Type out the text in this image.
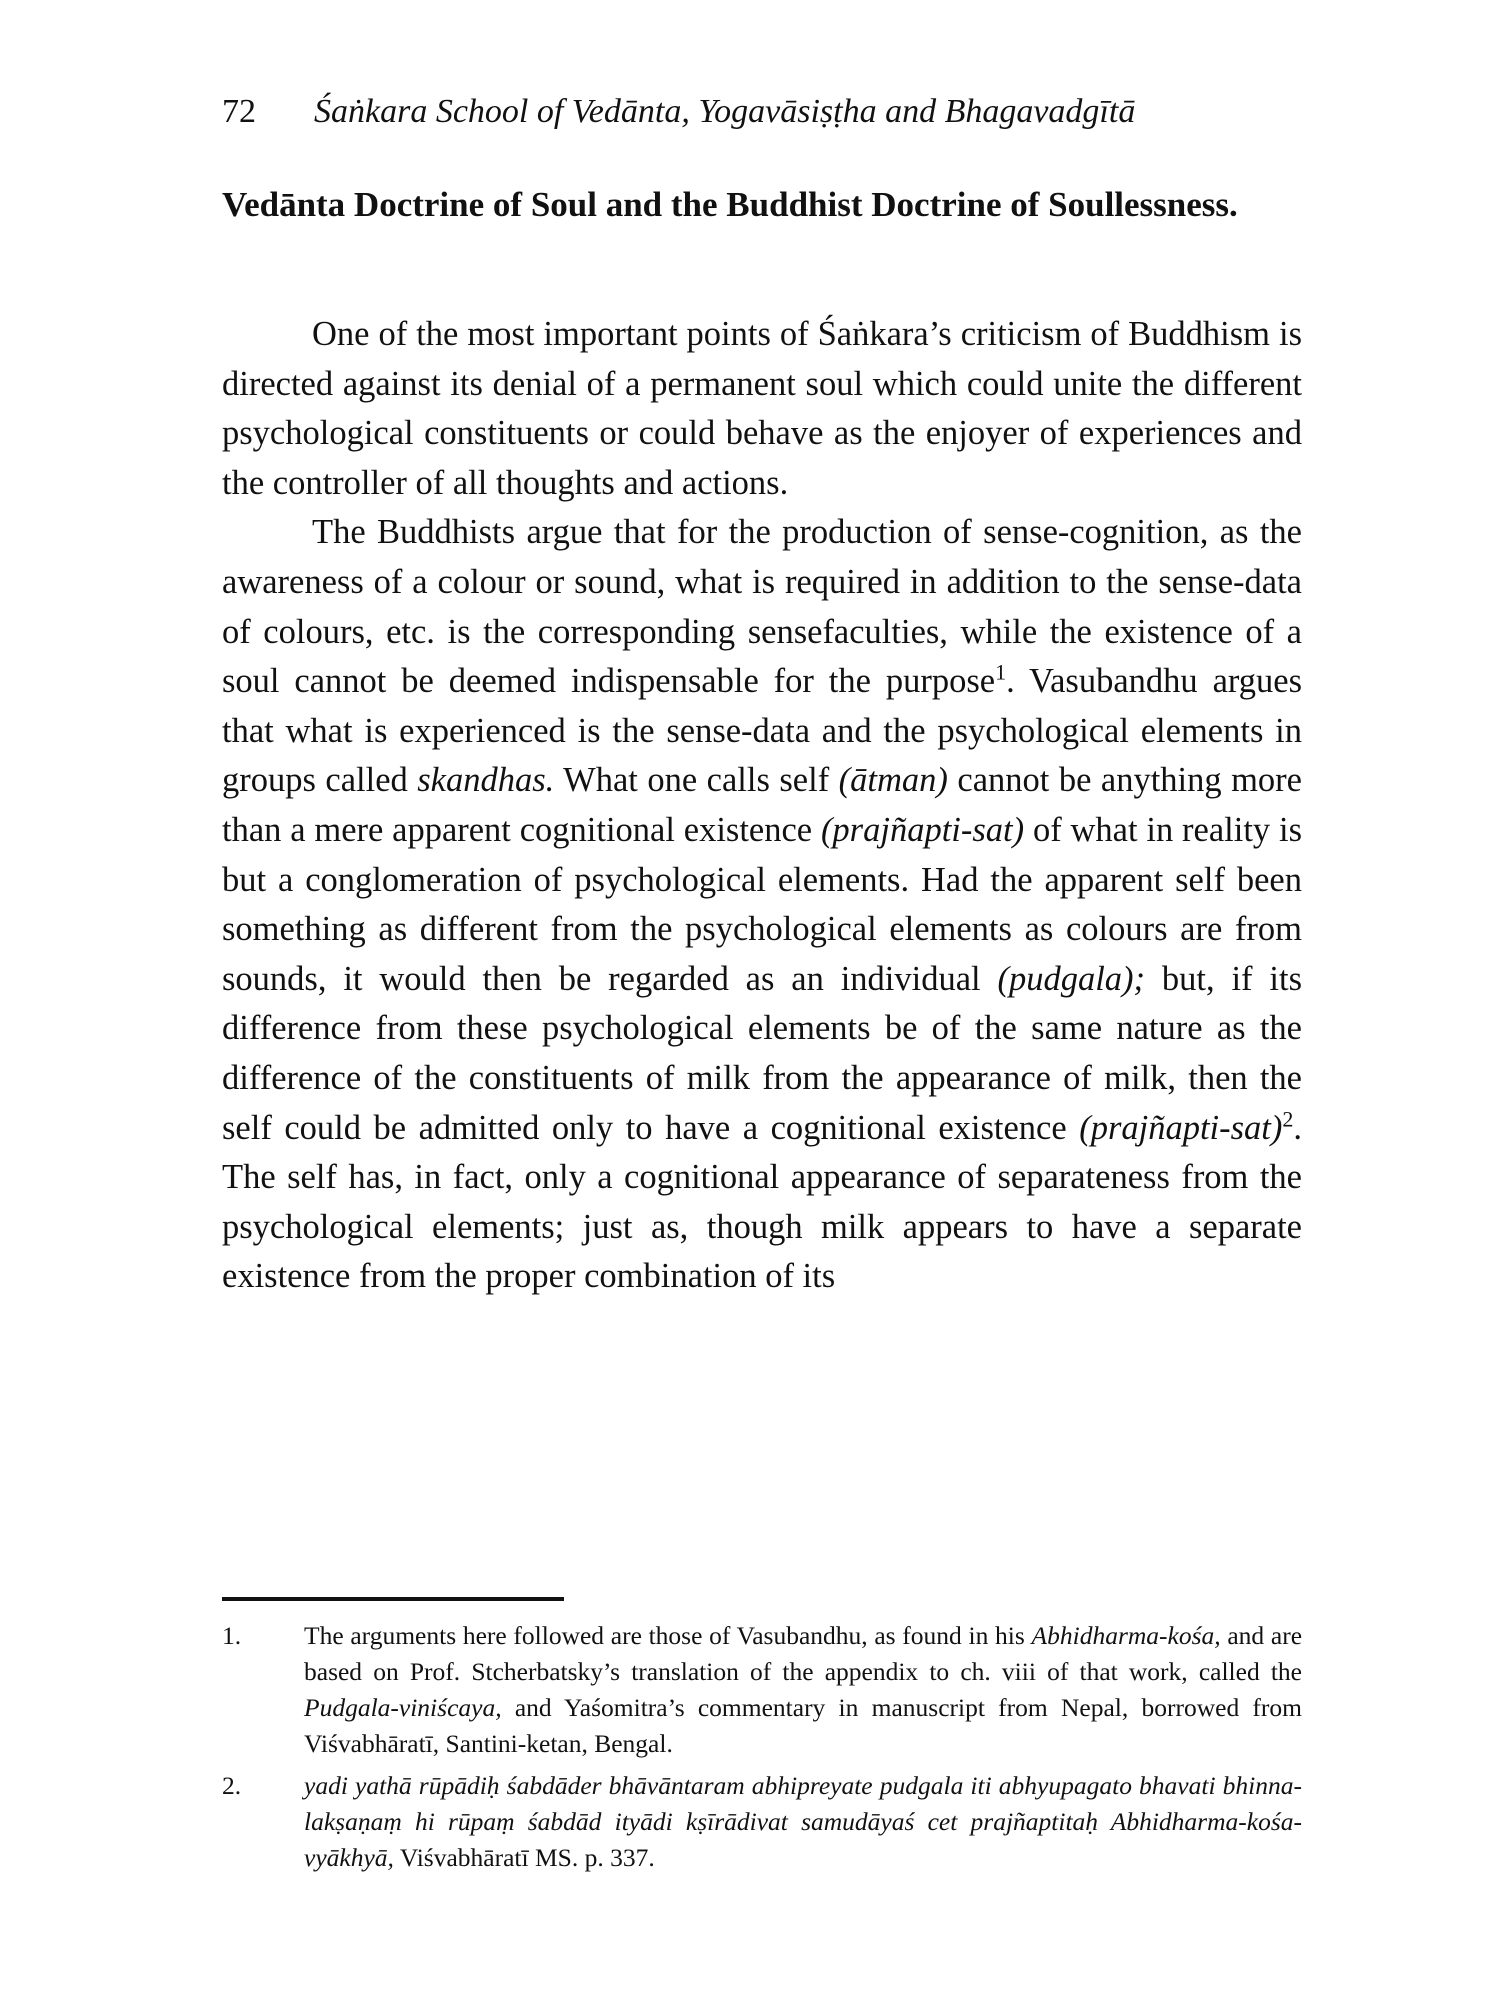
72 Śaṅkara School of Vedānta, Yogavāsiṣṭha and Bhagavadgītā
Vedānta Doctrine of Soul and the Buddhist Doctrine of Soullessness.

One of the most important points of Śaṅkara’s criticism of Buddhism is directed against its denial of a permanent soul which could unite the different psychological constituents or could behave as the enjoyer of experiences and the controller of all thoughts and actions.

The Buddhists argue that for the production of sense-cognition, as the awareness of a colour or sound, what is required in addition to the sense-data of colours, etc. is the corresponding sensefaculties, while the existence of a soul cannot be deemed indispensable for the purpose$^1$. Vasubandhu argues that what is experienced is the sense-data and the psychological elements in groups called skandhas. What one calls self (ātman) cannot be anything more than a mere apparent cognitional existence (prajñapti-sat) of what in reality is but a conglomeration of psychological elements. Had the apparent self been something as different from the psychological elements as colours are from sounds, it would then be regarded as an individual (pudgala); but, if its difference from these psychological elements be of the same nature as the difference of the constituents of milk from the appearance of milk, then the self could be admitted only to have a cognitional existence (prajñapti-sat)$^2$. The self has, in fact, only a cognitional appearance of separateness from the psychological elements; just as, though milk appears to have a separate existence from the proper combination of its

1. The arguments here followed are those of Vasubandhu, as found in his Abhidharma-kośa, and are based on Prof. Stcherbatsky’s translation of the appendix to ch. viii of that work, called the Pudgala-viniścaya, and Yaśomitra’s commentary in manuscript from Nepal, borrowed from Viśvabhāratī, Santini-ketan, Bengal.

2. yadi yathā rūpādiḥ śabdāder bhāvāntaram abhipreyate pudgala iti abhyupagato bhavati bhinna-lakṣaṇaṃ hi rūpaṃ śabdād ityādi kṣīrādivat samudāyaś cet prajñaptitaḥ Abhidharma-kośa-vyākhyā, Viśvabhāratī MS. p. 337.
